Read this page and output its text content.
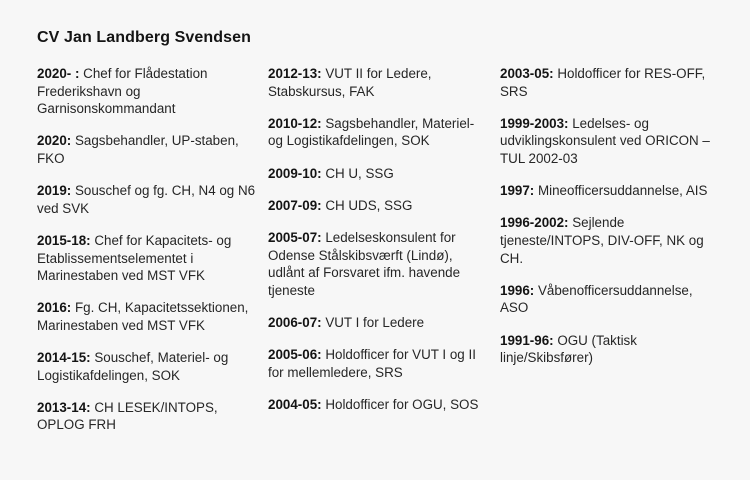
CV Jan Landberg Svendsen

2020- : Chef for Flådestation Frederikshavn og Garnisonskommandant

2020: Sagsbehandler, UP-staben, FKO

2019: Souschef og fg. CH, N4 og N6 ved SVK

2015-18: Chef for Kapacitets- og Etablissementselementet i Marinestaben ved MST VFK

2016: Fg. CH, Kapacitetssektionen, Marinestaben ved MST VFK

2014-15: Souschef, Materiel- og Logistikafdelingen, SOK

2013-14: CH LESEK/INTOPS, OPLOG FRH

2012-13: VUT II for Ledere, Stabskursus, FAK

2010-12: Sagsbehandler, Materiel- og Logistikafdelingen, SOK

2009-10: CH U, SSG

2007-09: CH UDS, SSG

2005-07: Ledelseskonsulent for Odense Stålskibsværft (Lindø), udlånt af Forsvaret ifm. havende tjeneste

2006-07: VUT I for Ledere

2005-06: Holdofficer for VUT I og II for mellemledere, SRS

2004-05: Holdofficer for OGU, SOS

2003-05: Holdofficer for RES-OFF, SRS

1999-2003: Ledelses- og udviklingskonsulent ved ORICON – TUL 2002-03

1997: Mineofficersuddannelse, AIS

1996-2002: Sejlende tjeneste/INTOPS, DIV-OFF, NK og CH.

1996: Våbenofficersuddannelse, ASO

1991-96: OGU (Taktisk linje/Skibsfører)
